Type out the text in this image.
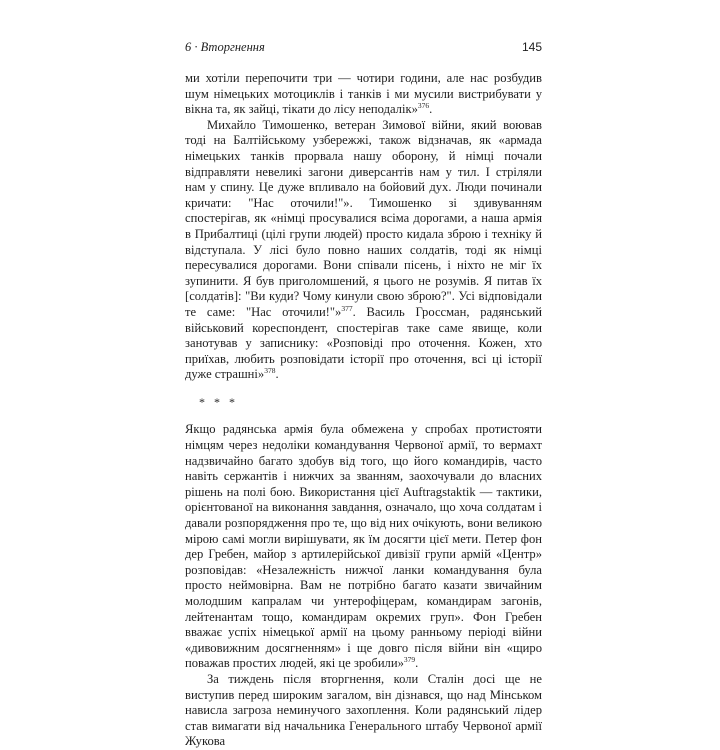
6 · Вторгнення	145

ми хотіли перепочити три — чотири години, але нас розбудив шум німецьких мотоциклів і танків і ми мусили вистрибувати у вікна та, як зайці, тікати до лісу неподалік»$^{376}$.

Михайло Тимошенко, ветеран Зимової війни, який воював тоді на Балтійському узбережжі, також відзначав, як «армада німецьких танків прорвала нашу оборону, й німці почали відправляти невеликі загони диверсантів нам у тил. І стріляли нам у спину. Це дуже впливало на бойовий дух. Люди починали кричати: "Нас оточили!"». Тимошенко зі здивуванням спостерігав, як «німці просувалися всіма дорогами, а наша армія в Прибалтиці (цілі групи людей) просто кидала зброю і техніку й відступала. У лісі було повно наших солдатів, тоді як німці пересувалися дорогами. Вони співали пісень, і ніхто не міг їх зупинити. Я був приголомшений, я цього не розумів. Я питав їх [солдатів]: "Ви куди? Чому кинули свою зброю?". Усі відповідали те саме: "Нас оточили!"»$^{377}$. Василь Гроссман, радянський військовий кореспондент, спостерігав таке саме явище, коли занотував у записнику: «Розповіді про оточення. Кожен, хто приїхав, любить розповідати історії про оточення, всі ці історії дуже страшні»$^{378}$.

* * *

Якщо радянська армія була обмежена у спробах протистояти німцям через недоліки командування Червоної армії, то вермахт надзвичайно багато здобув від того, що його командирів, часто навіть сержантів і нижчих за званням, заохочували до власних рішень на полі бою. Використання цієї Auftragstaktik — тактики, орієнтованої на виконання завдання, означало, що хоча солдатам і давали розпорядження про те, що від них очікують, вони великою мірою самі могли вирішувати, як їм досягти цієї мети. Петер фон дер Гребен, майор з артилерійської дивізії групи армій «Центр» розповідав: «Незалежність нижчої ланки командування була просто неймовірна. Вам не потрібно багато казати звичайним молодшим капралам чи унтерофіцерам, командирам загонів, лейтенантам тощо, командирам окремих груп». Фон Гребен вважає успіх німецької армії на цьому ранньому періоді війни «дивовижним досягненням» і ще довго після війни він «щиро поважав простих людей, які це зробили»$^{379}$.

За тиждень після вторгнення, коли Сталін досі ще не виступив перед широким загалом, він дізнався, що над Мінськом нависла загроза неминучого захоплення. Коли радянський лідер став вимагати від начальника Генерального штабу Червоної армії Жукова
